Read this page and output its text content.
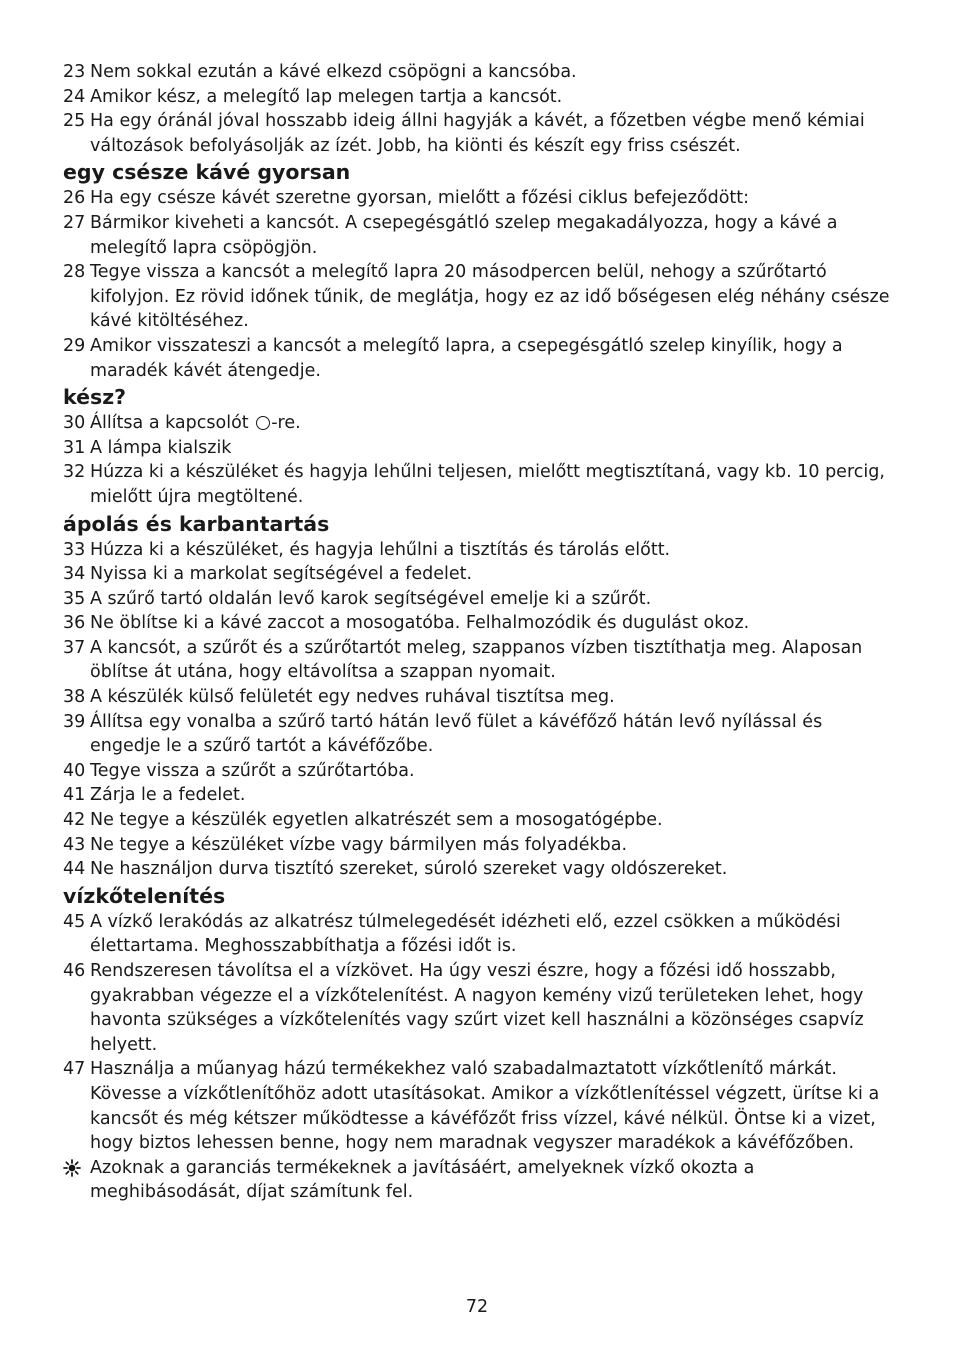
23 Nem sokkal ezután a kávé elkezd csöpögni a kancsóba.
24 Amikor kész, a melegítő lap melegen tartja a kancsót.
25 Ha egy óránál jóval hosszabb ideig állni hagyják a kávét, a főzetben végbe menő kémiai változások befolyásolják az ízét. Jobb, ha kiönti és készít egy friss csészét.
egy csésze kávé gyorsan
26 Ha egy csésze kávét szeretne gyorsan, mielőtt a főzési ciklus befejeződött:
27 Bármikor kiveheti a kancsót. A csepegésgátló szelep megakadályozza, hogy a kávé a melegítő lapra csöpögjön.
28 Tegye vissza a kancsót a melegítő lapra 20 másodpercen belül, nehogy a szűrőtartó kifolyjon. Ez rövid időnek tűnik, de meglátja, hogy ez az idő bőségesen elég néhány csésze kávé kitöltéséhez.
29 Amikor visszateszi a kancsót a melegítő lapra, a csepegésgátló szelep kinyílik, hogy a maradék kávét átengedje.
kész?
30 Állítsa a kapcsolót -re.
31 A lámpa kialszik
32 Húzza ki a készüléket és hagyja lehűlni teljesen, mielőtt megtisztítaná, vagy kb. 10 percig, mielőtt újra megtöltené.
ápolás és karbantartás
33 Húzza ki a készüléket, és hagyja lehűlni a tisztítás és tárolás előtt.
34 Nyissa ki a markolat segítségével a fedelet.
35 A szűrő tartó oldalán levő karok segítségével emelje ki a szűrőt.
36 Ne öblítse ki a kávé zaccot a mosogatóba. Felhalmozódik és dugulást okoz.
37 A kancsót, a szűrőt és a szűrőtartót meleg, szappanos vízben tisztíthatja meg. Alaposan öblítse át utána, hogy eltávolítsa a szappan nyomait.
38 A készülék külső felületét egy nedves ruhával tisztítsa meg.
39 Állítsa egy vonalba a szűrő tartó hátán levő fület a kávéfőző hátán levő nyílással és engedje le a szűrő tartót a kávéfőzőbe.
40 Tegye vissza a szűrőt a szűrőtartóba.
41 Zárja le a fedelet.
42 Ne tegye a készülék egyetlen alkatrészét sem a mosogatógépbe.
43 Ne tegye a készüléket vízbe vagy bármilyen más folyadékba.
44 Ne használjon durva tisztító szereket, súroló szereket vagy oldószereket.
vízkőtelenítés
45 A vízkő lerakódás az alkatrész túlmelegedését idézheti elő, ezzel csökken a működési élettartama. Meghosszabbíthatja a főzési időt is.
46 Rendszeresen távolítsa el a vízkövet. Ha úgy veszi észre, hogy a főzési idő hosszabb, gyakrabban végezze el a vízkőtelenítést. A nagyon kemény vizű területeken lehet, hogy havonta szükséges a vízkőtelenítés vagy szűrt vizet kell használni a közönséges csapvíz helyett.
47 Használja a műanyag házú termékekhez való szabadalmaztatott vízkőtlenítő márkát. Kövesse a vízkőtlenítőhöz adott utasításokat. Amikor a vízkőtlenítéssel végzett, ürítse ki a kancsőt és még kétszer működtesse a kávéfőzőt friss vízzel, kávé nélkül. Öntse ki a vizet, hogy biztos lehessen benne, hogy nem maradnak vegyszer maradékok a kávéfőzőben.
Azoknak a garanciás termékeknek a javításáért, amelyeknek vízkő okozta a meghibásodását, díjat számítunk fel.
72
